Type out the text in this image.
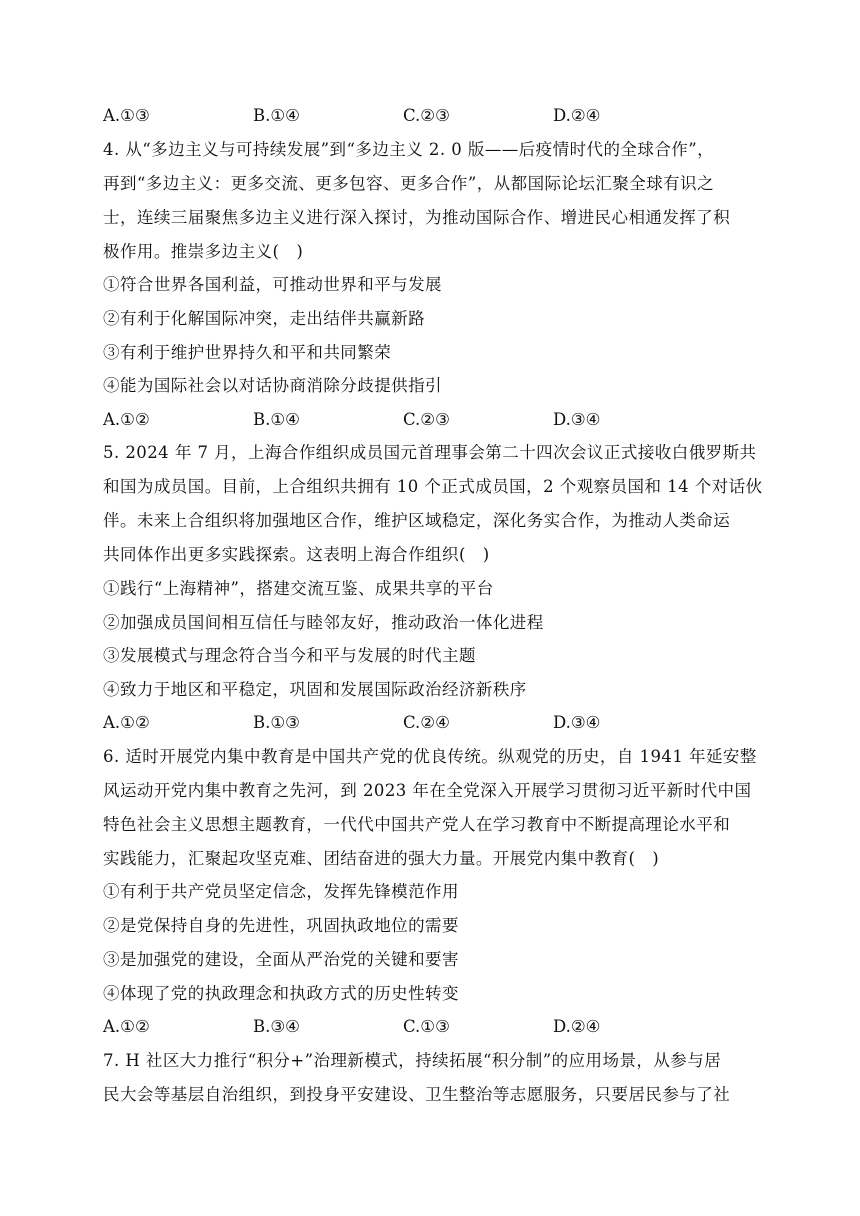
A.①③	B.①④	C.②③	D.②④
4. 从“多边主义与可持续发展”到“多边主义 2. 0 版——后疫情时代的全球合作”，
再到“多边主义：更多交流、更多包容、更多合作”，从都国际论坛汇聚全球有识之
士，连续三届聚焦多边主义进行深入探讨，为推动国际合作、增进民心相通发挥了积
极作用。推崇多边主义(　)
①符合世界各国利益，可推动世界和平与发展
②有利于化解国际冲突，走出结伴共赢新路
③有利于维护世界持久和平和共同繁荣
④能为国际社会以对话协商消除分歧提供指引
A.①②	B.①④	C.②③	D.③④
5. 2024 年 7 月，上海合作组织成员国元首理事会第二十四次会议正式接收白俄罗斯共
和国为成员国。目前，上合组织共拥有 10 个正式成员国，2 个观察员国和 14 个对话伙
伴。未来上合组织将加强地区合作，维护区域稳定，深化务实合作，为推动人类命运
共同体作出更多实践探索。这表明上海合作组织(　)
①践行“上海精神”，搭建交流互鉴、成果共享的平台
②加强成员国间相互信任与睦邻友好，推动政治一体化进程
③发展模式与理念符合当今和平与发展的时代主题
④致力于地区和平稳定，巩固和发展国际政治经济新秩序
A.①②	B.①③	C.②④	D.③④
6. 适时开展党内集中教育是中国共产党的优良传统。纵观党的历史，自 1941 年延安整
风运动开党内集中教育之先河，到 2023 年在全党深入开展学习贯彻习近平新时代中国
特色社会主义思想主题教育，一代代中国共产党人在学习教育中不断提高理论水平和
实践能力，汇聚起攻坚克难、团结奋进的强大力量。开展党内集中教育(　)
①有利于共产党员坚定信念，发挥先锋模范作用
②是党保持自身的先进性，巩固执政地位的需要
③是加强党的建设，全面从严治党的关键和要害
④体现了党的执政理念和执政方式的历史性转变
A.①②	B.③④	C.①③	D.②④
7. H 社区大力推行“积分+”治理新模式，持续拓展“积分制”的应用场景，从参与居
民大会等基层自治组织，到投身平安建设、卫生整治等志愿服务，只要居民参与了社
